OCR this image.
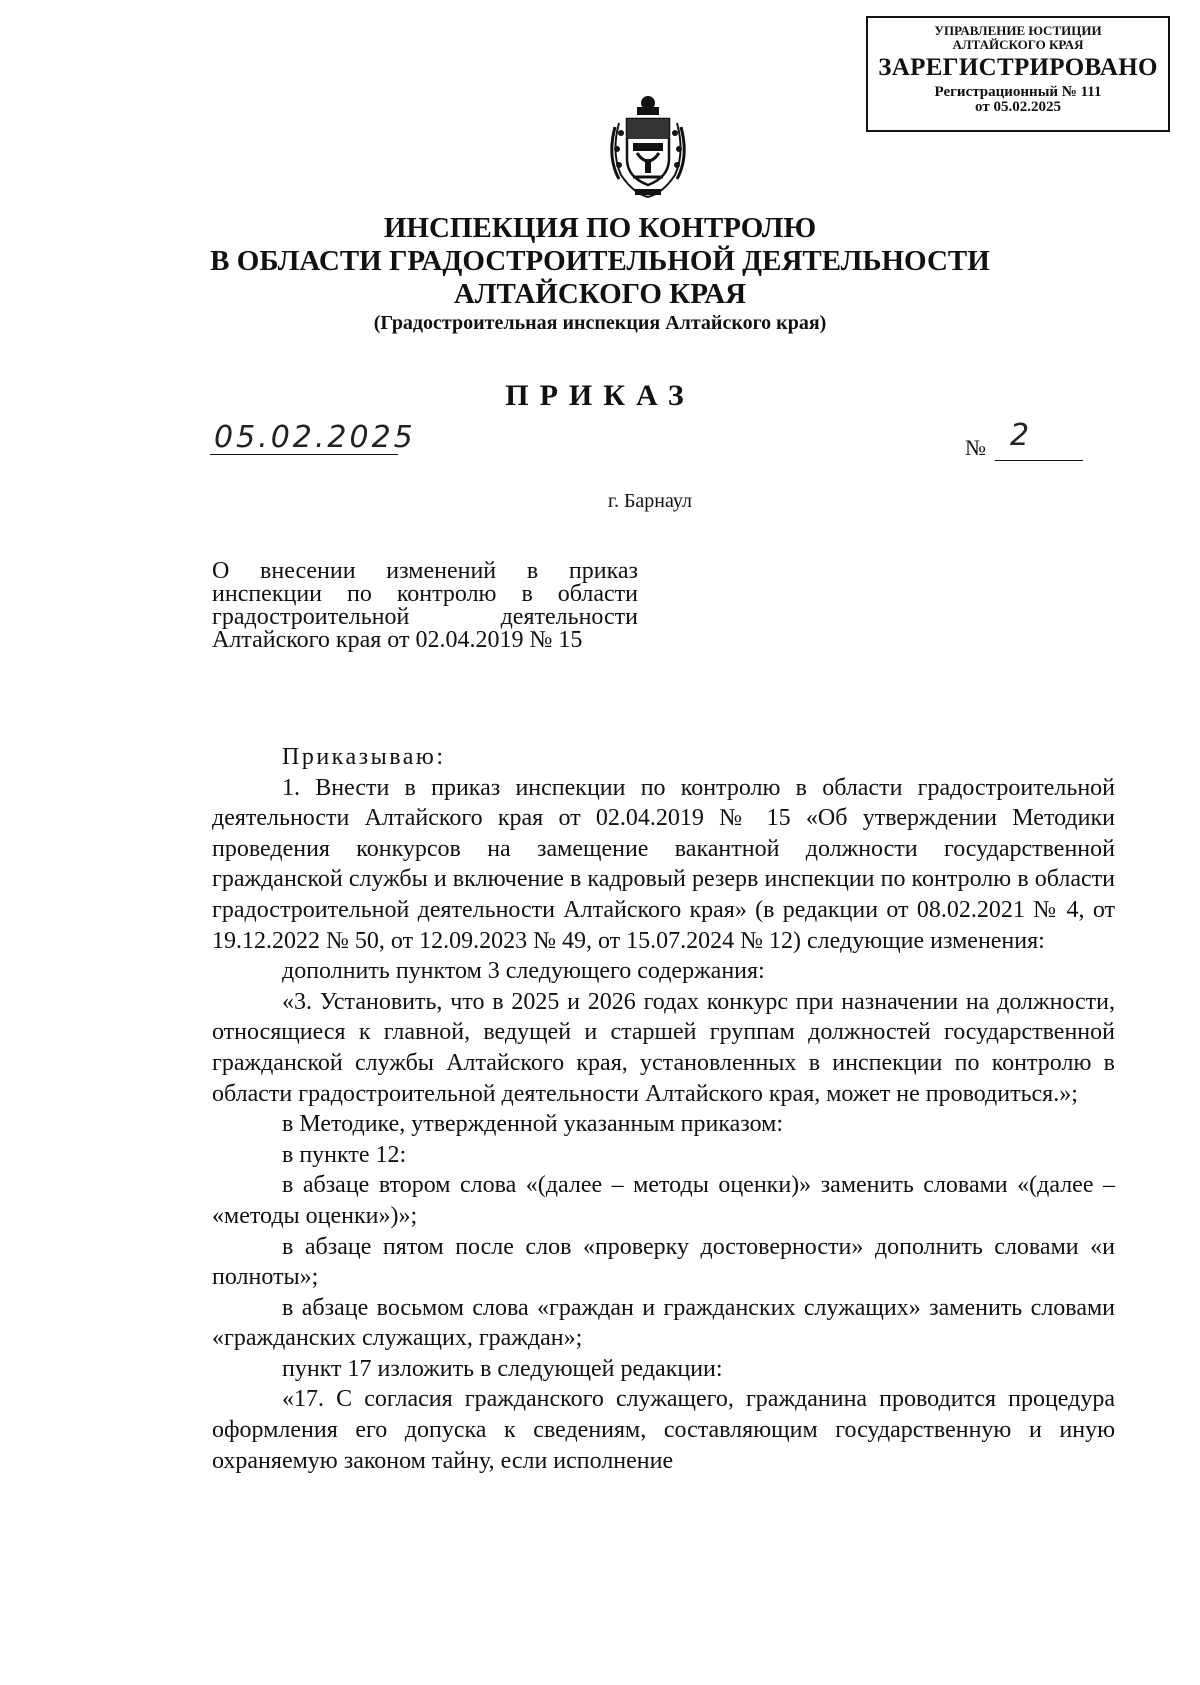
УПРАВЛЕНИЕ ЮСТИЦИИ
АЛТАЙСКОГО КРАЯ
ЗАРЕГИСТРИРОВАНО
Регистрационный № 111
от 05.02.2025
ИНСПЕКЦИЯ ПО КОНТРОЛЮ
В ОБЛАСТИ ГРАДОСТРОИТЕЛЬНОЙ ДЕЯТЕЛЬНОСТИ
АЛТАЙСКОГО КРАЯ
(Градостроительная инспекция Алтайского края)
ПРИКАЗ
05.02.2025	№ 2
г. Барнаул
О внесении изменений в приказ инспекции по контролю в области градостроительной деятельности Алтайского края от 02.04.2019 № 15

Приказываю:

1. Внести в приказ инспекции по контролю в области градостроительной деятельности Алтайского края от 02.04.2019 № 15 «Об утверждении Методики проведения конкурсов на замещение вакантной должности государственной гражданской службы и включение в кадровый резерв инспекции по контролю в области градостроительной деятельности Алтайского края» (в редакции от 08.02.2021 № 4, от 19.12.2022 № 50, от 12.09.2023 № 49, от 15.07.2024 № 12) следующие изменения:

дополнить пунктом 3 следующего содержания:

«3. Установить, что в 2025 и 2026 годах конкурс при назначении на должности, относящиеся к главной, ведущей и старшей группам должностей государственной гражданской службы Алтайского края, установленных в инспекции по контролю в области градостроительной деятельности Алтайского края, может не проводиться.»;

в Методике, утвержденной указанным приказом:

в пункте 12:

в абзаце втором слова «(далее – методы оценки)» заменить словами «(далее – «методы оценки»)»;

в абзаце пятом после слов «проверку достоверности» дополнить словами «и полноты»;

в абзаце восьмом слова «граждан и гражданских служащих» заменить словами «гражданских служащих, граждан»;

пункт 17 изложить в следующей редакции:

«17. С согласия гражданского служащего, гражданина проводится процедура оформления его допуска к сведениям, составляющим государственную и иную охраняемую законом тайну, если исполнение
